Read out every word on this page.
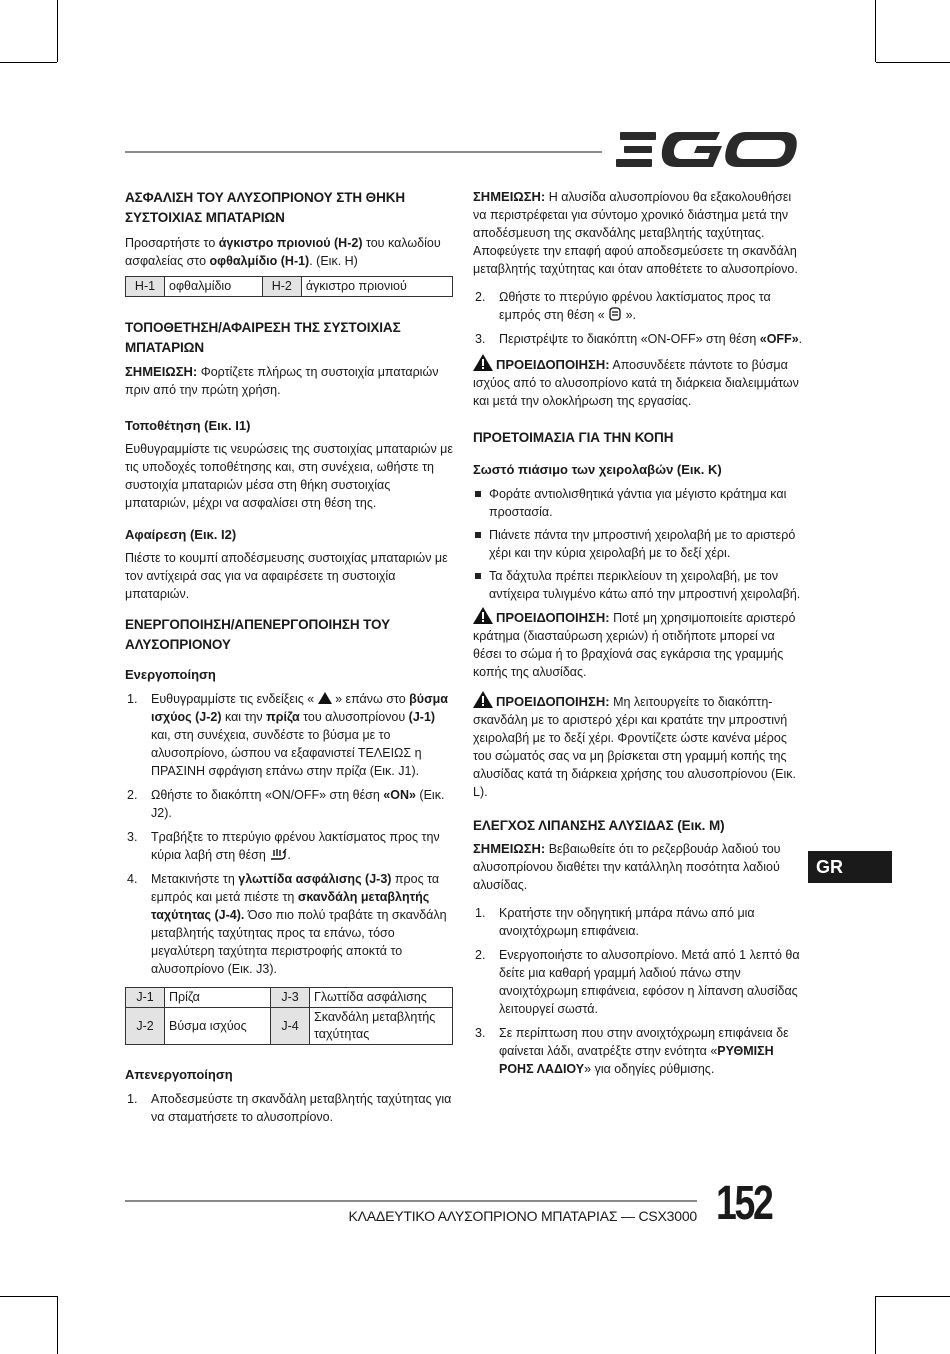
ΑΣΦΑΛΙΣΗ ΤΟΥ ΑΛΥΣΟΠΡΙΟΝΟΥ ΣΤΗ ΘΗΚΗ ΣΥΣΤΟΙΧΙΑΣ ΜΠΑΤΑΡΙΩΝ

Προσαρτήστε το άγκιστρο πριονιού (H-2) του καλωδίου ασφαλείας στο οφθαλμίδιο (H-1). (Εικ. H)

H-1	οφθαλμίδιο	H-2	άγκιστρο πριονιού
ΤΟΠΟΘΕΤΗΣΗ/ΑΦΑΙΡΕΣΗ ΤΗΣ ΣΥΣΤΟΙΧΙΑΣ ΜΠΑΤΑΡΙΩΝ

ΣΗΜΕΙΩΣΗ: Φορτίζετε πλήρως τη συστοιχία μπαταριών πριν από την πρώτη χρήση.

Τοποθέτηση (Εικ. I1)

Ευθυγραμμίστε τις νευρώσεις της συστοιχίας μπαταριών με τις υποδοχές τοποθέτησης και, στη συνέχεια, ωθήστε τη συστοιχία μπαταριών μέσα στη θήκη συστοιχίας μπαταριών, μέχρι να ασφαλίσει στη θέση της.

Αφαίρεση (Εικ. I2)

Πιέστε το κουμπί αποδέσμευσης συστοιχίας μπαταριών με τον αντίχειρά σας για να αφαιρέσετε τη συστοιχία μπαταριών.

ΕΝΕΡΓΟΠΟΙΗΣΗ/ΑΠΕΝΕΡΓΟΠΟΙΗΣΗ ΤΟΥ ΑΛΥΣΟΠΡΙΟΝΟΥ
Ενεργοποίηση
1. Ευθυγραμμίστε τις ενδείξεις «  » επάνω στο βύσμα ισχύος (J-2) και την πρίζα του αλυσοπρίονου (J-1) και, στη συνέχεια, συνδέστε το βύσμα με το αλυσοπρίονο, ώσπου να εξαφανιστεί ΤΕΛΕΙΩΣ η ΠΡΑΣΙΝΗ σφράγιση επάνω στην πρίζα (Εικ. J1).
2. Ωθήστε το διακόπτη «ON/OFF» στη θέση «ON» (Εικ. J2).
3. Τραβήξτε το πτερύγιο φρένου λακτίσματος προς την κύρια λαβή στη θέση .
4. Μετακινήστε τη γλωττίδα ασφάλισης (J-3) προς τα εμπρός και μετά πιέστε τη σκανδάλη μεταβλητής ταχύτητας (J-4). Όσο πιο πολύ τραβάτε τη σκανδάλη μεταβλητής ταχύτητας προς τα επάνω, τόσο μεγαλύτερη ταχύτητα περιστροφής αποκτά το αλυσοπρίονο (Εικ. J3).
J-1	Πρίζα	J-3	Γλωττίδα ασφάλισης
J-2	Βύσμα ισχύος	J-4	Σκανδάλη μεταβλητής ταχύτητας
Απενεργοποίηση
1. Αποδεσμεύστε τη σκανδάλη μεταβλητής ταχύτητας για να σταματήσετε το αλυσοπρίονο.

ΣΗΜΕΙΩΣΗ: Η αλυσίδα αλυσοπρίονου θα εξακολουθήσει να περιστρέφεται για σύντομο χρονικό διάστημα μετά την αποδέσμευση της σκανδάλης μεταβλητής ταχύτητας. Αποφεύγετε την επαφή αφού αποδεσμεύσετε τη σκανδάλη μεταβλητής ταχύτητας και όταν αποθέτετε το αλυσοπρίονο.

2. Ωθήστε το πτερύγιο φρένου λακτίσματος προς τα εμπρός στη θέση «  ».
3. Περιστρέψτε το διακόπτη «ON-OFF» στη θέση «OFF».

ΠΡΟΕΙΔΟΠΟΙΗΣΗ: Αποσυνδέετε πάντοτε το βύσμα ισχύος από το αλυσοπρίονο κατά τη διάρκεια διαλειμμάτων και μετά την ολοκλήρωση της εργασίας.

ΠΡΟΕΤΟΙΜΑΣΙΑ ΓΙΑ ΤΗΝ ΚΟΠΗ
Σωστό πιάσιμο των χειρολαβών (Εικ. K)
Φοράτε αντιολισθητικά γάντια για μέγιστο κράτημα και προστασία.
Πιάνετε πάντα την μπροστινή χειρολαβή με το αριστερό χέρι και την κύρια χειρολαβή με το δεξί χέρι.
Τα δάχτυλα πρέπει περικλείουν τη χειρολαβή, με τον αντίχειρα τυλιγμένο κάτω από την μπροστινή χειρολαβή.

ΠΡΟΕΙΔΟΠΟΙΗΣΗ: Ποτέ μη χρησιμοποιείτε αριστερό κράτημα (διασταύρωση χεριών) ή οτιδήποτε μπορεί να θέσει το σώμα ή το βραχίονά σας εγκάρσια της γραμμής κοπής της αλυσίδας.

ΠΡΟΕΙΔΟΠΟΙΗΣΗ: Μη λειτουργείτε το διακόπτη-σκανδάλη με το αριστερό χέρι και κρατάτε την μπροστινή χειρολαβή με το δεξί χέρι. Φροντίζετε ώστε κανένα μέρος του σώματός σας να μη βρίσκεται στη γραμμή κοπής της αλυσίδας κατά τη διάρκεια χρήσης του αλυσοπρίονου (Εικ. L).

ΕΛΕΓΧΟΣ ΛΙΠΑΝΣΗΣ ΑΛΥΣΙΔΑΣ (Εικ. M)

ΣΗΜΕΙΩΣΗ: Βεβαιωθείτε ότι το ρεζερβουάρ λαδιού του αλυσοπρίονου διαθέτει την κατάλληλη ποσότητα λαδιού αλυσίδας.

1. Κρατήστε την οδηγητική μπάρα πάνω από μια ανοιχτόχρωμη επιφάνεια.
2. Ενεργοποιήστε το αλυσοπρίονο. Μετά από 1 λεπτό θα δείτε μια καθαρή γραμμή λαδιού πάνω στην ανοιχτόχρωμη επιφάνεια, εφόσον η λίπανση αλυσίδας λειτουργεί σωστά.
3. Σε περίπτωση που στην ανοιχτόχρωμη επιφάνεια δε φαίνεται λάδι, ανατρέξτε στην ενότητα «ΡΥΘΜΙΣΗ ΡΟΗΣ ΛΑΔΙΟΥ» για οδηγίες ρύθμισης.
GR
ΚΛΑΔΕΥΤΙΚΟ ΑΛΥΣΟΠΡΙΟΝΟ ΜΠΑΤΑΡΙΑΣ — CSX3000 152
